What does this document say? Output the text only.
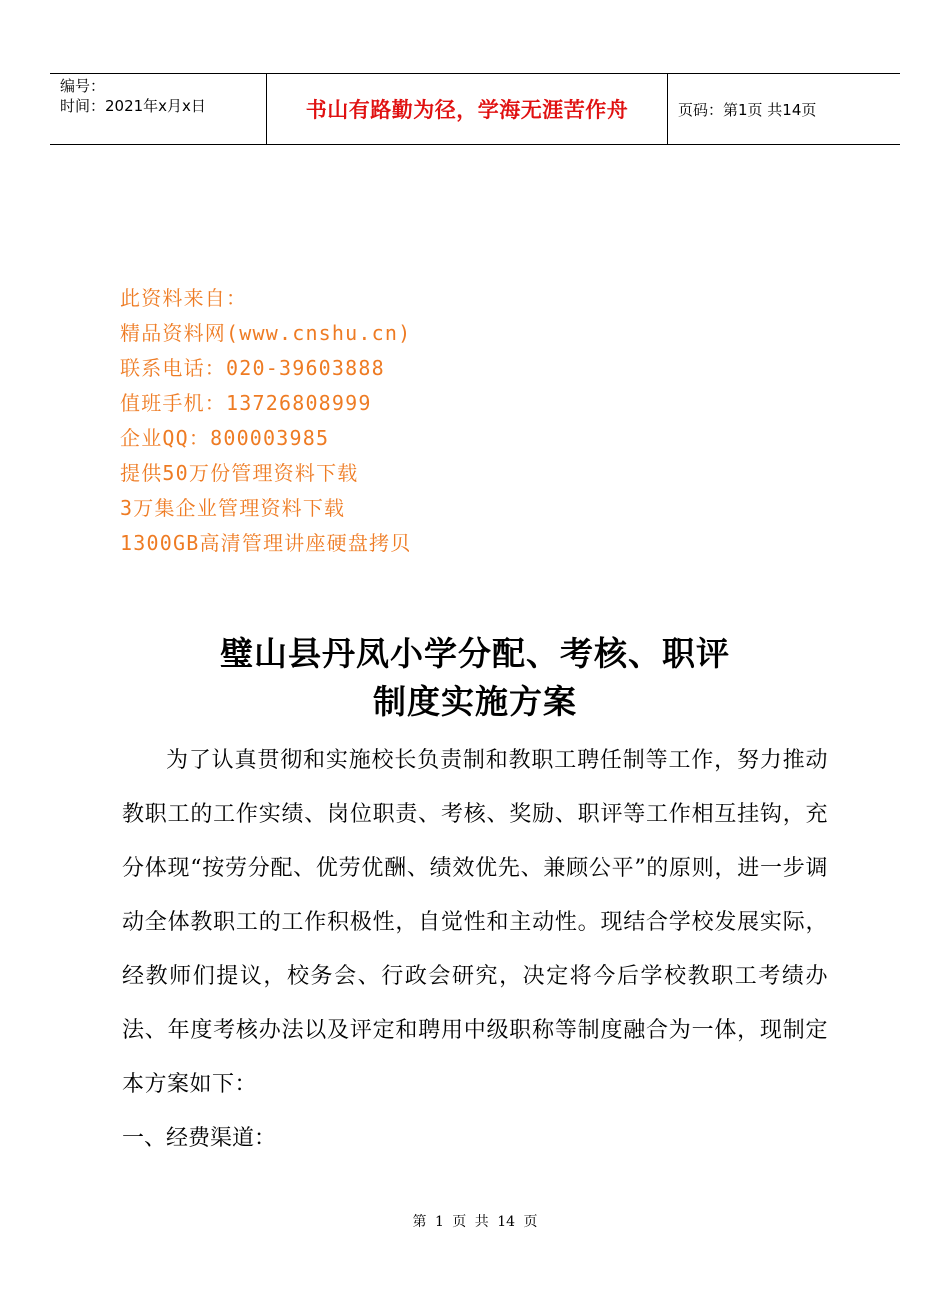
编号：
时间：2021年x月x日	书山有路勤为径，学海无涯苦作舟	页码：第1页 共14页
此资料来自：
精品资料网(www.cnshu.cn)
联系电话：020-39603888
值班手机：13726808999
企业QQ：800003985
提供50万份管理资料下载
3万集企业管理资料下载
1300GB高清管理讲座硬盘拷贝
璧山县丹凤小学分配、考核、职评
制度实施方案
为了认真贯彻和实施校长负责制和教职工聘任制等工作，努力推动教职工的工作实绩、岗位职责、考核、奖励、职评等工作相互挂钩，充分体现“按劳分配、优劳优酬、绩效优先、兼顾公平”的原则，进一步调动全体教职工的工作积极性，自觉性和主动性。现结合学校发展实际，经教师们提议，校务会、行政会研究，决定将今后学校教职工考绩办法、年度考核办法以及评定和聘用中级职称等制度融合为一体，现制定本方案如下：
一、经费渠道：
第 1 页 共 14 页
